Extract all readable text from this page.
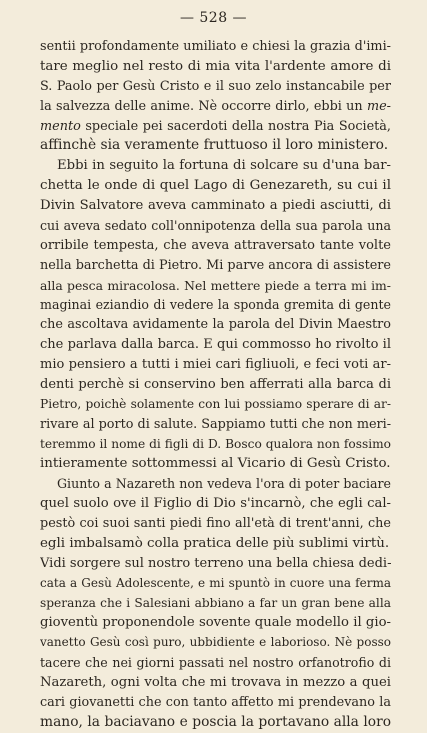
— 528 —
sentii profondamente umiliato e chiesi la grazia d'imi-
tare meglio nel resto di mia vita l'ardente amore di
S. Paolo per Gesù Cristo e il suo zelo instancabile per
la salvezza delle anime. Nè occorre dirlo, ebbi un me-
mento speciale pei sacerdoti della nostra Pia Società,
affinchè sia veramente fruttuoso il loro ministero.
Ebbi in seguito la fortuna di solcare su d'una bar-
chetta le onde di quel Lago di Genezareth, su cui il
Divin Salvatore aveva camminato a piedi asciutti, di
cui aveva sedato coll'onnipotenza della sua parola una
orribile tempesta, che aveva attraversato tante volte
nella barchetta di Pietro. Mi parve ancora di assistere
alla pesca miracolosa. Nel mettere piede a terra mi im-
maginai eziandio di vedere la sponda gremita di gente
che ascoltava avidamente la parola del Divin Maestro
che parlava dalla barca. E qui commosso ho rivolto il
mio pensiero a tutti i miei cari figliuoli, e feci voti ar-
denti perchè si conservino ben afferrati alla barca di
Pietro, poichè solamente con lui possiamo sperare di ar-
rivare al porto di salute. Sappiamo tutti che non meri-
teremmo il nome di figli di D. Bosco qualora non fossimo
intieramente sottommessi al Vicario di Gesù Cristo.
Giunto a Nazareth non vedeva l'ora di poter baciare
quel suolo ove il Figlio di Dio s'incarnò, che egli cal-
pestò coi suoi santi piedi fino all'età di trent'anni, che
egli imbalsamò colla pratica delle più sublimi virtù.
Vidi sorgere sul nostro terreno una bella chiesa dedi-
cata a Gesù Adolescente, e mi spuntò in cuore una ferma
speranza che i Salesiani abbiano a far un gran bene alla
gioventù proponendole sovente quale modello il gio-
vanetto Gesù così puro, ubbidiente e laborioso. Nè posso
tacere che nei giorni passati nel nostro orfanotrofio di
Nazareth, ogni volta che mi trovava in mezzo a quei
cari giovanetti che con tanto affetto mi prendevano la
mano, la baciavano e poscia la portavano alla loro
